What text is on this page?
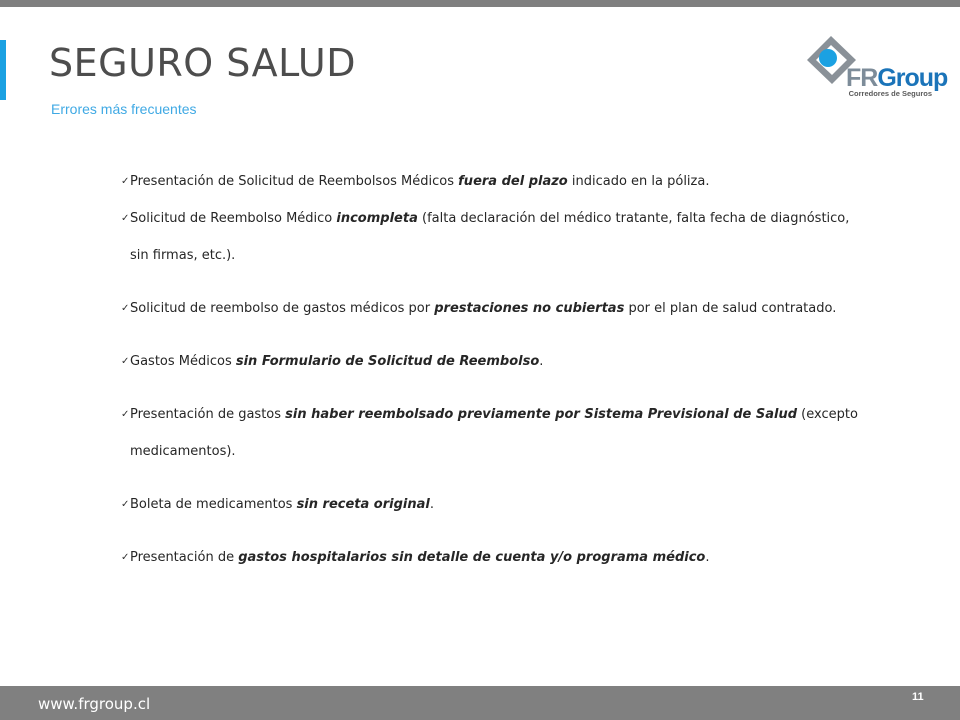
SEGURO SALUD
Errores más frecuentes
FRGroup
Corredores de Seguros
✓ Presentación de Solicitud de Reembolsos Médicos fuera del plazo indicado en la póliza.
✓ Solicitud de Reembolso Médico incompleta (falta declaración del médico tratante, falta fecha de diagnóstico,
sin firmas, etc.).
✓ Solicitud de reembolso de gastos médicos por prestaciones no cubiertas por el plan de salud contratado.
✓ Gastos Médicos sin Formulario de Solicitud de Reembolso.
✓ Presentación de gastos sin haber reembolsado previamente por Sistema Previsional de Salud (excepto
medicamentos).
✓ Boleta de medicamentos sin receta original.
✓ Presentación de gastos hospitalarios sin detalle de cuenta y/o programa médico.
www.frgroup.cl	11
